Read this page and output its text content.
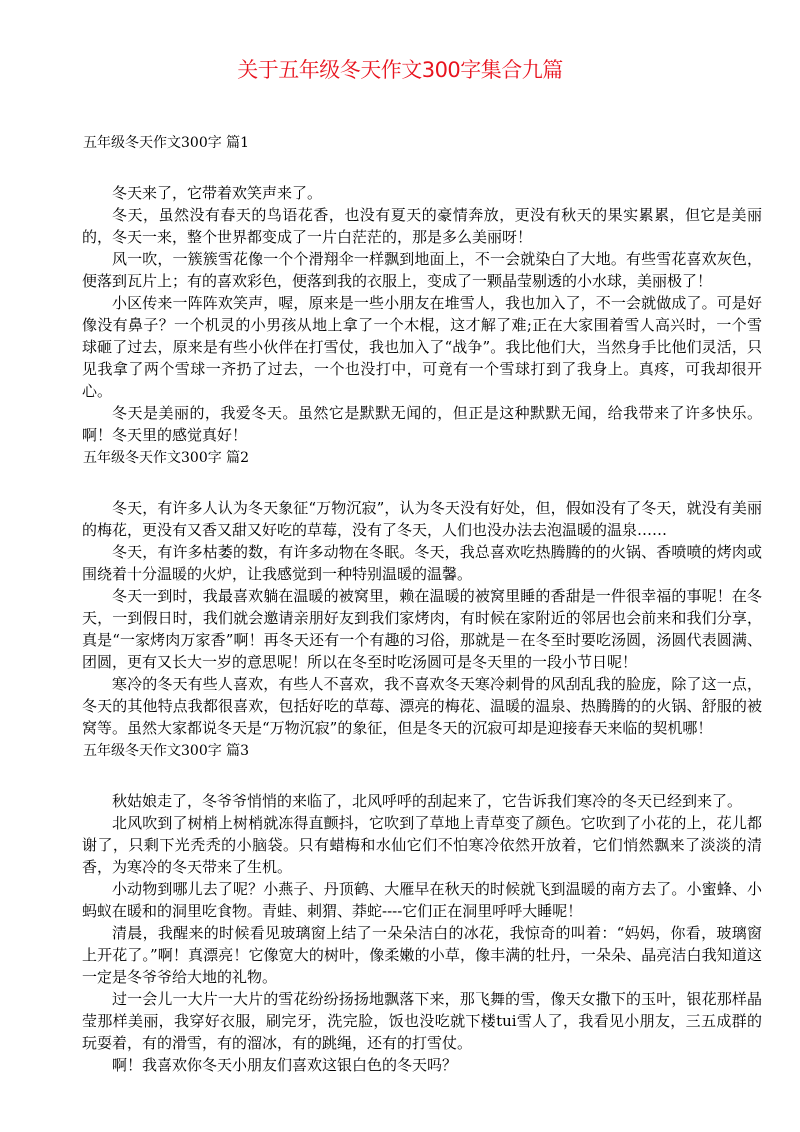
关于五年级冬天作文300字集合九篇
五年级冬天作文300字 篇1

冬天来了，它带着欢笑声来了。

冬天，虽然没有春天的鸟语花香，也没有夏天的豪情奔放，更没有秋天的果实累累，但它是美丽的，冬天一来，整个世界都变成了一片白茫茫的，那是多么美丽呀！

风一吹，一簇簇雪花像一个个滑翔伞一样飘到地面上，不一会就染白了大地。有些雪花喜欢灰色，便落到瓦片上；有的喜欢彩色，便落到我的衣服上，变成了一颗晶莹剔透的小水球，美丽极了！

小区传来一阵阵欢笑声，喔，原来是一些小朋友在堆雪人，我也加入了，不一会就做成了。可是好像没有鼻子？一个机灵的小男孩从地上拿了一个木棍，这才解了难;正在大家围着雪人高兴时，一个雪球砸了过去，原来是有些小伙伴在打雪仗，我也加入了“战争”。我比他们大，当然身手比他们灵活，只见我拿了两个雪球一齐扔了过去，一个也没打中，可竟有一个雪球打到了我身上。真疼，可我却很开心。

冬天是美丽的，我爱冬天。虽然它是默默无闻的，但正是这种默默无闻，给我带来了许多快乐。啊！冬天里的感觉真好！

五年级冬天作文300字 篇2

冬天，有许多人认为冬天象征“万物沉寂”，认为冬天没有好处，但，假如没有了冬天，就没有美丽的梅花，更没有又香又甜又好吃的草莓，没有了冬天，人们也没办法去泡温暖的温泉……

冬天，有许多枯萎的数，有许多动物在冬眠。冬天，我总喜欢吃热腾腾的的火锅、香喷喷的烤肉或围绕着十分温暖的火炉，让我感觉到一种特别温暖的温馨。

冬天一到时，我最喜欢躺在温暖的被窝里，赖在温暖的被窝里睡的香甜是一件很幸福的事呢！在冬天，一到假日时，我们就会邀请亲朋好友到我们家烤肉，有时候在家附近的邻居也会前来和我们分享，真是“一家烤肉万家香”啊！再冬天还有一个有趣的习俗，那就是－在冬至时要吃汤圆，汤圆代表圆满、团圆，更有又长大一岁的意思呢！所以在冬至时吃汤圆可是冬天里的一段小节日呢！

寒冷的冬天有些人喜欢，有些人不喜欢，我不喜欢冬天寒冷刺骨的风刮乱我的脸庞，除了这一点，冬天的其他特点我都很喜欢，包括好吃的草莓、漂亮的梅花、温暖的温泉、热腾腾的的火锅、舒服的被窝等。虽然大家都说冬天是“万物沉寂”的象征，但是冬天的沉寂可却是迎接春天来临的契机哪！

五年级冬天作文300字 篇3

秋姑娘走了，冬爷爷悄悄的来临了，北风呼呼的刮起来了，它告诉我们寒冷的冬天已经到来了。

北风吹到了树梢上树梢就冻得直颤抖，它吹到了草地上青草变了颜色。它吹到了小花的上，花儿都谢了，只剩下光秃秃的小脑袋。只有蜡梅和水仙它们不怕寒冷依然开放着，它们悄然飘来了淡淡的清香，为寒冷的冬天带来了生机。

小动物到哪儿去了呢？小燕子、丹顶鹤、大雁早在秋天的时候就飞到温暖的南方去了。小蜜蜂、小蚂蚁在暖和的洞里吃食物。青蛙、刺猬、莽蛇----它们正在洞里呼呼大睡呢！

清晨，我醒来的时候看见玻璃窗上结了一朵朵洁白的冰花，我惊奇的叫着：“妈妈，你看，玻璃窗上开花了。”啊！真漂亮！它像宽大的树叶，像柔嫩的小草，像丰满的牡丹，一朵朵、晶亮洁白我知道这一定是冬爷爷给大地的礼物。

过一会儿一大片一大片的雪花纷纷扬扬地飘落下来，那飞舞的雪，像天女撒下的玉叶，银花那样晶莹那样美丽，我穿好衣服，刷完牙，洗完脸，饭也没吃就下楼tui雪人了，我看见小朋友，三五成群的玩耍着，有的滑雪，有的溜冰，有的跳绳，还有的打雪仗。

啊！我喜欢你冬天小朋友们喜欢这银白色的冬天吗？
